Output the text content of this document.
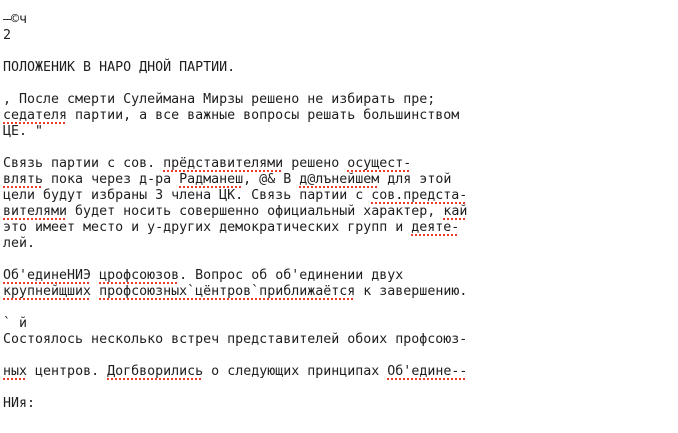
—©ч
2
ПОЛОЖЕНИК В НАРО ДНОЙ ПАРТИИ.
, После смерти Сулеймана Мирзы решено не избирать пре;
седателя партии, а все важные вопросы решать большинством
ЦЕ. "
Связь партии с сов. прёдставителями решено осущест-
влять пока через д-ра Радманеш, @& В д@лънейшем для этой
цели будут избраны 3 члена ЦК. Связь партии с сов.предста-
вителями будет носить совершенно официальный характер, кай
это имеет место и у-других демократических групп и деяте-
лей.
Об'единеНИЭ црофсоюзов. Вопрос об об'единении двух
крупнейщших профсоюзных`цёнтров`приближаётся к завершению.
` й
Состоялось несколько встреч представителей обоих профсоюз-
ных центров. Догбворились о следующих принципах Об'едине--
НИя:
